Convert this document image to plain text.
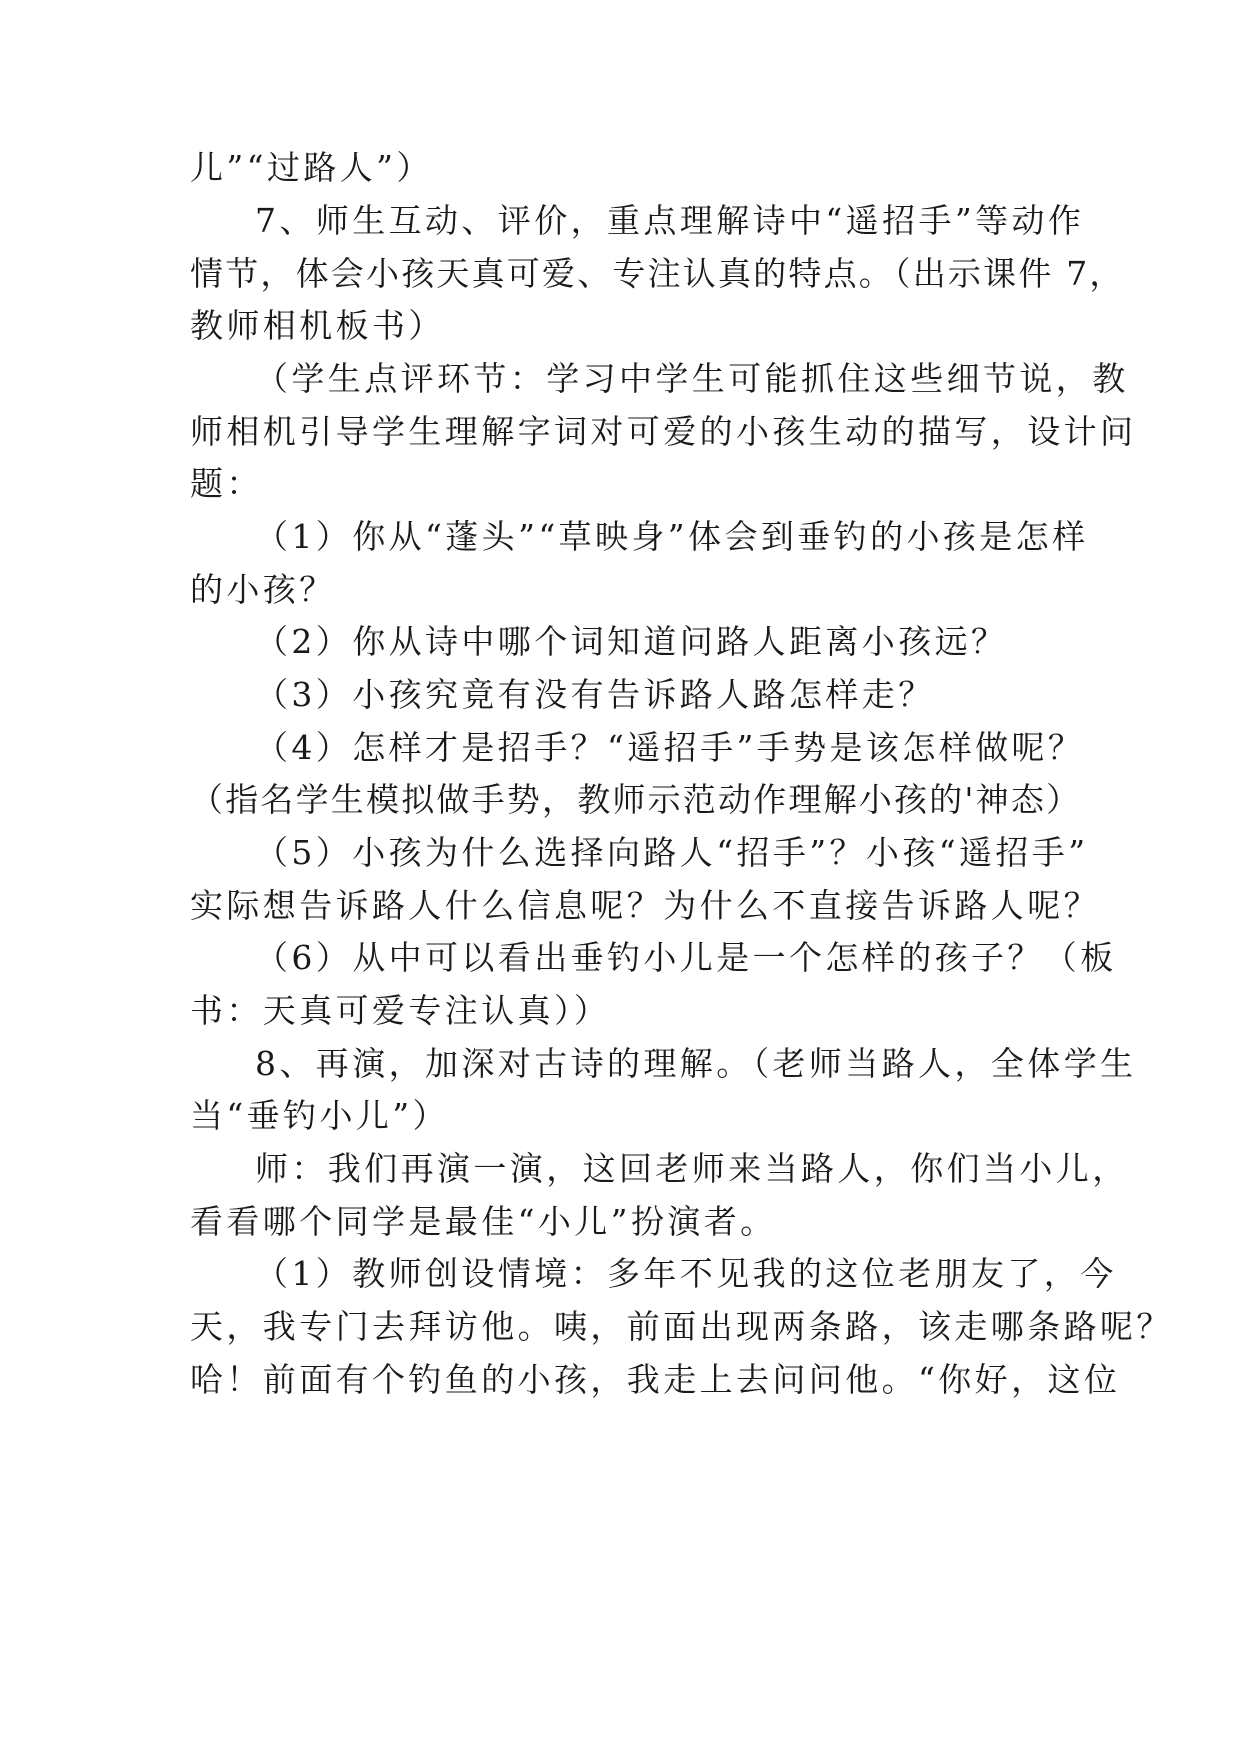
儿”“过路人”）
7、师生互动、评价，重点理解诗中“遥招手”等动作
情节，体会小孩天真可爱、专注认真的特点。（出示课件 7，
教师相机板书）
（学生点评环节：学习中学生可能抓住这些细节说，教
师相机引导学生理解字词对可爱的小孩生动的描写，设计问
题：
（1）你从“蓬头”“草映身”体会到垂钓的小孩是怎样
的小孩？
（2）你从诗中哪个词知道问路人距离小孩远？
（3）小孩究竟有没有告诉路人路怎样走？
（4）怎样才是招手？“遥招手”手势是该怎样做呢？
（指名学生模拟做手势，教师示范动作理解小孩的'神态）
（5）小孩为什么选择向路人“招手”？小孩“遥招手”
实际想告诉路人什么信息呢？为什么不直接告诉路人呢？
（6）从中可以看出垂钓小儿是一个怎样的孩子？（板
书：天真可爱专注认真））
8、再演，加深对古诗的理解。（老师当路人，全体学生
当“垂钓小儿”）
师：我们再演一演，这回老师来当路人，你们当小儿，
看看哪个同学是最佳“小儿”扮演者。
（1）教师创设情境：多年不见我的这位老朋友了，今
天，我专门去拜访他。咦，前面出现两条路，该走哪条路呢？
哈！前面有个钓鱼的小孩，我走上去问问他。“你好，这位
